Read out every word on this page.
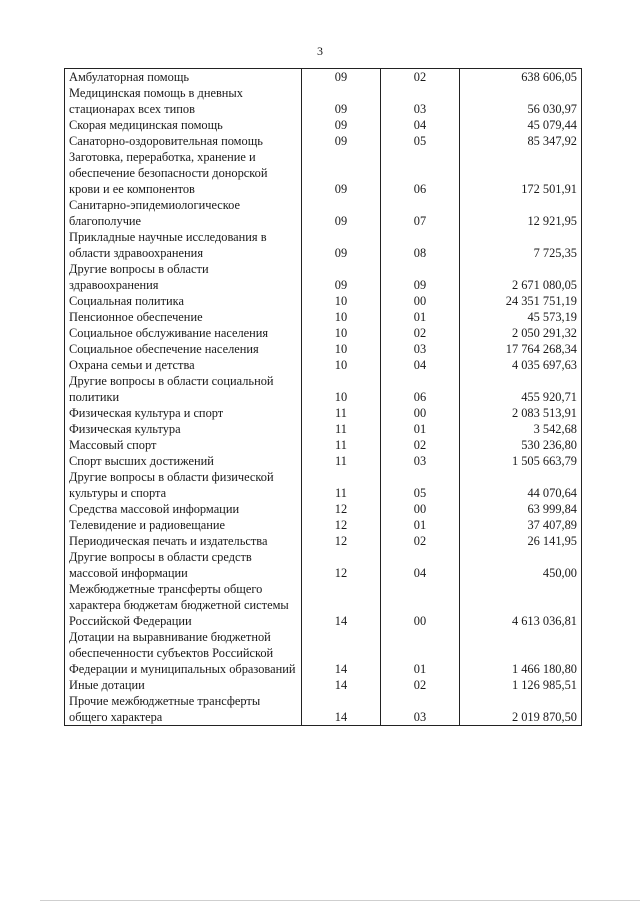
3
Амбулаторная помощь	09	02	638 606,05
Медицинская помощь в дневных стационарах всех типов	09	03	56 030,97
Скорая медицинская помощь	09	04	45 079,44
Санаторно-оздоровительная помощь	09	05	85 347,92
Заготовка, переработка, хранение и обеспечение безопасности донорской крови и ее компонентов	09	06	172 501,91
Санитарно-эпидемиологическое благополучие	09	07	12 921,95
Прикладные научные исследования в области здравоохранения	09	08	7 725,35
Другие вопросы в области здравоохранения	09	09	2 671 080,05
Социальная политика	10	00	24 351 751,19
Пенсионное обеспечение	10	01	45 573,19
Социальное обслуживание населения	10	02	2 050 291,32
Социальное обеспечение населения	10	03	17 764 268,34
Охрана семьи и детства	10	04	4 035 697,63
Другие вопросы в области социальной политики	10	06	455 920,71
Физическая культура и спорт	11	00	2 083 513,91
Физическая культура	11	01	3 542,68
Массовый спорт	11	02	530 236,80
Спорт высших достижений	11	03	1 505 663,79
Другие вопросы в области физической культуры и спорта	11	05	44 070,64
Средства массовой информации	12	00	63 999,84
Телевидение и радиовещание	12	01	37 407,89
Периодическая печать и издательства	12	02	26 141,95
Другие вопросы в области средств массовой информации	12	04	450,00
Межбюджетные трансферты общего характера бюджетам бюджетной системы Российской Федерации	14	00	4 613 036,81
Дотации на выравнивание бюджетной обеспеченности субъектов Российской Федерации и муниципальных образований	14	01	1 466 180,80
Иные дотации	14	02	1 126 985,51
Прочие межбюджетные трансферты общего характера	14	03	2 019 870,50
